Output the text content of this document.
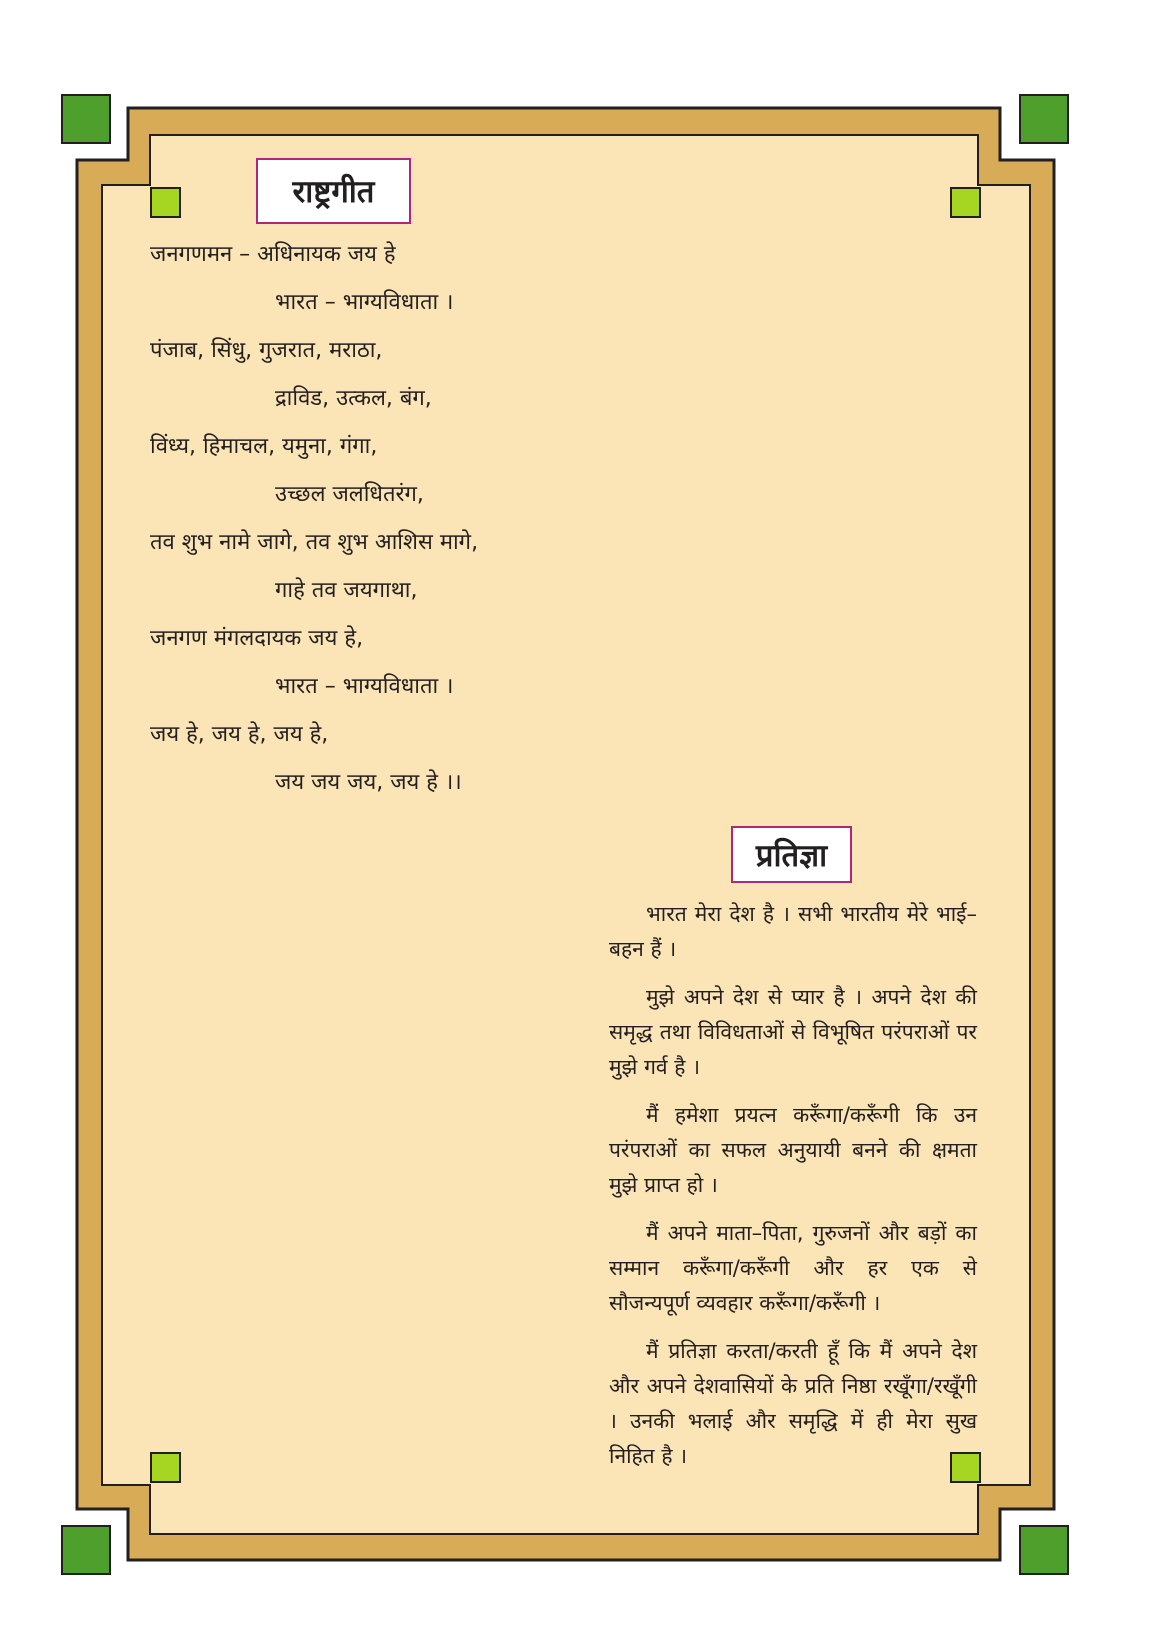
राष्ट्रगीत
जनगणमन – अधिनायक जय हे
भारत – भाग्यविधाता ।
पंजाब, सिंधु, गुजरात, मराठा,
द्राविड, उत्कल, बंग,
विंध्य, हिमाचल, यमुना, गंगा,
उच्छल जलधितरंग,
तव शुभ नामे जागे, तव शुभ आशिस मागे,
गाहे तव जयगाथा,
जनगण मंगलदायक जय हे,
भारत – भाग्यविधाता ।
जय हे, जय हे, जय हे,
जय जय जय, जय हे ।।
प्रतिज्ञा

भारत मेरा देश है । सभी भारतीय मेरे भाई–बहन हैं ।

मुझे अपने देश से प्यार है । अपने देश की समृद्ध तथा विविधताओं से विभूषित परंपराओं पर मुझे गर्व है ।

मैं हमेशा प्रयत्न करूँगा/करूँगी कि उन परंपराओं का सफल अनुयायी बनने की क्षमता मुझे प्राप्त हो ।

मैं अपने माता–पिता, गुरुजनों और बड़ों का सम्मान करूँगा/करूँगी और हर एक से सौजन्यपूर्ण व्यवहार करूँगा/करूँगी ।

मैं प्रतिज्ञा करता/करती हूँ कि मैं अपने देश और अपने देशवासियों के प्रति निष्ठा रखूँगा/रखूँगी । उनकी भलाई और समृद्धि में ही मेरा सुख निहित है ।
